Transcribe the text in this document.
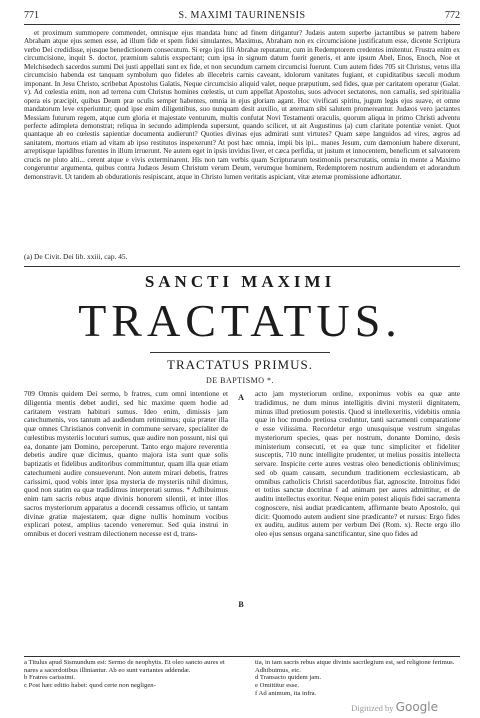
771	S. MAXIMI TAURINENSIS	772

et proximum summopere commendet, omnisque ejus mandata hunc ad finem dirigantur? Judæis autem superbe jactantibus se patrem habere Abraham atque ejus semen esse, ad illum fide et spem fidei simulantes, Maximus, Abraham non ex circumcisione justificatum esse, dicente Scriptura verbo Dei credidisse, ejusque benedictionem consecutum. Si ergo ipsi fili Abrahæ reputantur, cum in Redemptorem credentes imitentur. Frustra enim ex circumcisione, inquit S. doctor, præmium salutis exspectant; cum ipsa in signum datum fuerit generis, et ante ipsum Abel, Enos, Enoch, Noe et Melchisedech sacerdos summi Dei justi appellati sunt ex fide, et non secundum carnem circumcisi fuerunt. Cum autem fides 705 sit Christus, vetus illa circumcisio habenda est tanquam symbolum quo fideles ab illecebris carnis caveant, idolorum vanitates fugiant, et cupiditatibus sæculi modum imponant. In Jesu Christo, scribebat Apostolus Galatis, Neque circumcisio aliquid valet, neque præputium, sed fides, quæ per caritatem operatur (Galat. v). Ad cœlestia enim, non ad terrena cum Christus homines cœlestis, ut cum appellat Apostolus, suos advocet sectatores, non carnalis, sed spiritualia opera eis præcipit, quibus Deum præ oculis semper habentes, omnia in ejus gloriam agant. Hoc vivificati spiritu, jugum legis ejus suave, et omne mandatorum leve experiuntur; quod ipse enim diligentibus, suo nunquam desit auxilio, ut æternam sibi salutem promereantur. Judæos vero jactantes Messiam futurum regem, atque cum gloria et majestate venturum, multis confutat Novi Testamenti oraculis, quorum aliqua in primo Christi adventu perfecte adimpleta demonstrat; reliqua in secundo adimplenda supersunt, quando scilicet, ut ait Augustinus (a) cum claritate potentiæ veniet. Quot quantaque ab eo cœlestis sapientiæ documenta audierunt? Quoties divinas ejus admirati sunt virtutes? Quam sæpe languidos ad vires, ægros ad sanitatem, mortuos etiam ad vitam ab ipso restitutos inspexerunt? At post hæc omnia, impii bis ipi... manes Jesum, cum dæmonium habere dixerunt, arreptisque lapidibus furentes in illum irruerunt. Ne autem eget in ipsis invidus liver, et cæca perfidia, ut justum et innocentem, beneficum et salvatorem crucis ne pluto alti... cerent atque e vivis exterminarent. His non tam verbis quam Scripturarum testimoniis perscrutatis, omnia in mente a Maximo congeruntur argumenta, quibus contra Judæos Jesum Christum verum Deum, verumque hominem, Redemptorem nostrum audiendum et adorandum demonstravit. Ut tandem ab obdurationis resipiscant, atque in Christo lumen veritatis aspiciant, vitæ æternæ promissione adhortatur.

(a) De Civit. Dei lib. xxiii, cap. 45.
SANCTI MAXIMI
TRACTATUS.
TRACTATUS PRIMUS.
DE BAPTISMO *.

709 Omnis quidem Dei sermo, b fratres, cum omni intentione et diligentia mentis debet audiri, sed hic maxime quem hodie ad caritatem vestram habituri sumus. Ideo enim, dimissis jam catechumenis, vos tantum ad audiendum retinuimus; quia præter illa quæ omnes Christianos convenit in commune servare, specialiter de cœlestibus mysteriis locuturi sumus, quæ audire non possunt, nisi qui ea, donante jam Domino, perceperunt. Tanto ergo majore reverentia debetis audire quæ dicimus, quanto majora ista sunt quæ solis baptizatis et fidelibus auditoribus committuntur, quam illa quæ etiam catechumeni audire consueverunt. Non autem mirari debetis, fratres carissimi, quod vobis inter ipsa mysteria de mysteriis nihil diximus, quod non statim ea quæ tradidimus interpretati sumus. * Adhibuimus enim tam sacris rebus atque divinis honorem silentii, et inter illos sacros mysteriorum apparatus a docendi cessamus officio, ut tantam divinæ gratiæ majestatem, quæ digne nullis hominum vocibus explicari potest, amplius tacendo veneremur. Sed quia instrui in omnibus et doceri vestram dilectionem necesse est d, trans-

A
B

acto jam mysteriorum ordine, exponimus vobis ea quæ ante tradidimus, ne dum minus intelligitis divini mysterii dignitatem, minus illud pretiosum potestis. Quod si intellexeritis, videbitis omnia quæ in hoc mundo pretiosa creduntur, tanti sacramenti comparatione e esse vilissima. Recordetur ergo unusquisque vestrum singulas mysteriorum species, quas per nostrum, donante Domino, desis ministerium consecuti, et ea quæ tunc simpliciter et fideliter susceptis, 710 nunc intelligite prudenter, ut melius possitis intellecta servare. Inspicite certe aures vestras oleo benedictionis oblinivimus; sed ob quam causam, secundum traditionem ecclesiasticam, ab omnibus catholicis Christi sacerdotibus fiat, agnoscite. Introitus fidei et totius sanctæ doctrinæ f ad animam per aures admittitur, et de auditu intellectus exoritur. Neque enim potest aliquis fidei sacramenta cognoscere, nisi audiat prædicantem, affirmante beato Apostolo, qui dicit: Quomodo autem audient sine prædicante? et rursus: Ergo fides ex auditu, auditus autem per verbum Dei (Rom. x). Recte ergo illo oleo ejus sensus organa sanctificantur, sine quo fides ad

a Titulus apud Sismundum est: Sermo de neophytis. Et oleo sancto aures et nares a sacerdotibus illiniantur. Ab eo sunt variantes addendæ.

b Fratres carissimi.

c Post hæc editio habet: quod certe non negligen-

tia, in tam sacris rebus atque divinis sacrilegium est, sed religione ferimus. Adhibuimus, etc.

d Transacto quidem jam.

e Omittitur esse.

f Ad animum, ita infra.

Digitized by Google
